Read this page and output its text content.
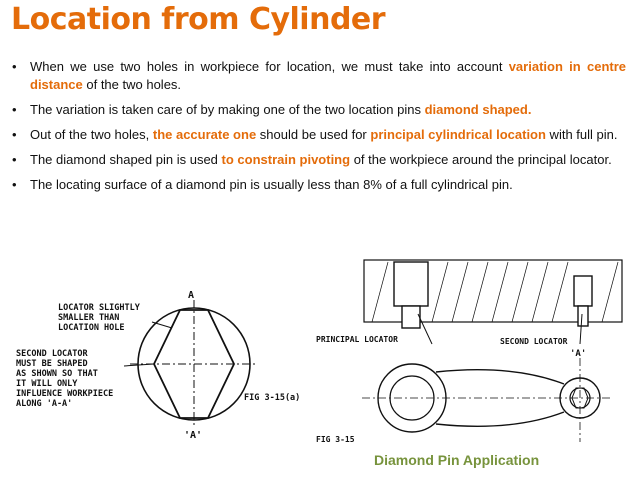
Location from Cylinder
• When we use two holes in workpiece for location, we must take into account variation in centre distance of the two holes.
• The variation is taken care of by making one of the two location pins diamond shaped.
• Out of the two holes, the accurate one should be used for principal cylindrical location with full pin.
• The diamond shaped pin is used to constrain pivoting of the workpiece around the principal locator.
• The locating surface of a diamond pin is usually less than 8% of a full cylindrical pin.
A
'A'
LOCATOR SLIGHTLY
SMALLER THAN
LOCATION HOLE
SECOND LOCATOR
MUST BE SHAPED
AS SHOWN SO THAT
IT WILL ONLY
INFLUENCE WORKPIECE
ALONG 'A-A'
FIG 3-15(a)
PRINCIPAL LOCATOR	SECOND LOCATOR
'A'
FIG 3-15
Diamond Pin Application
